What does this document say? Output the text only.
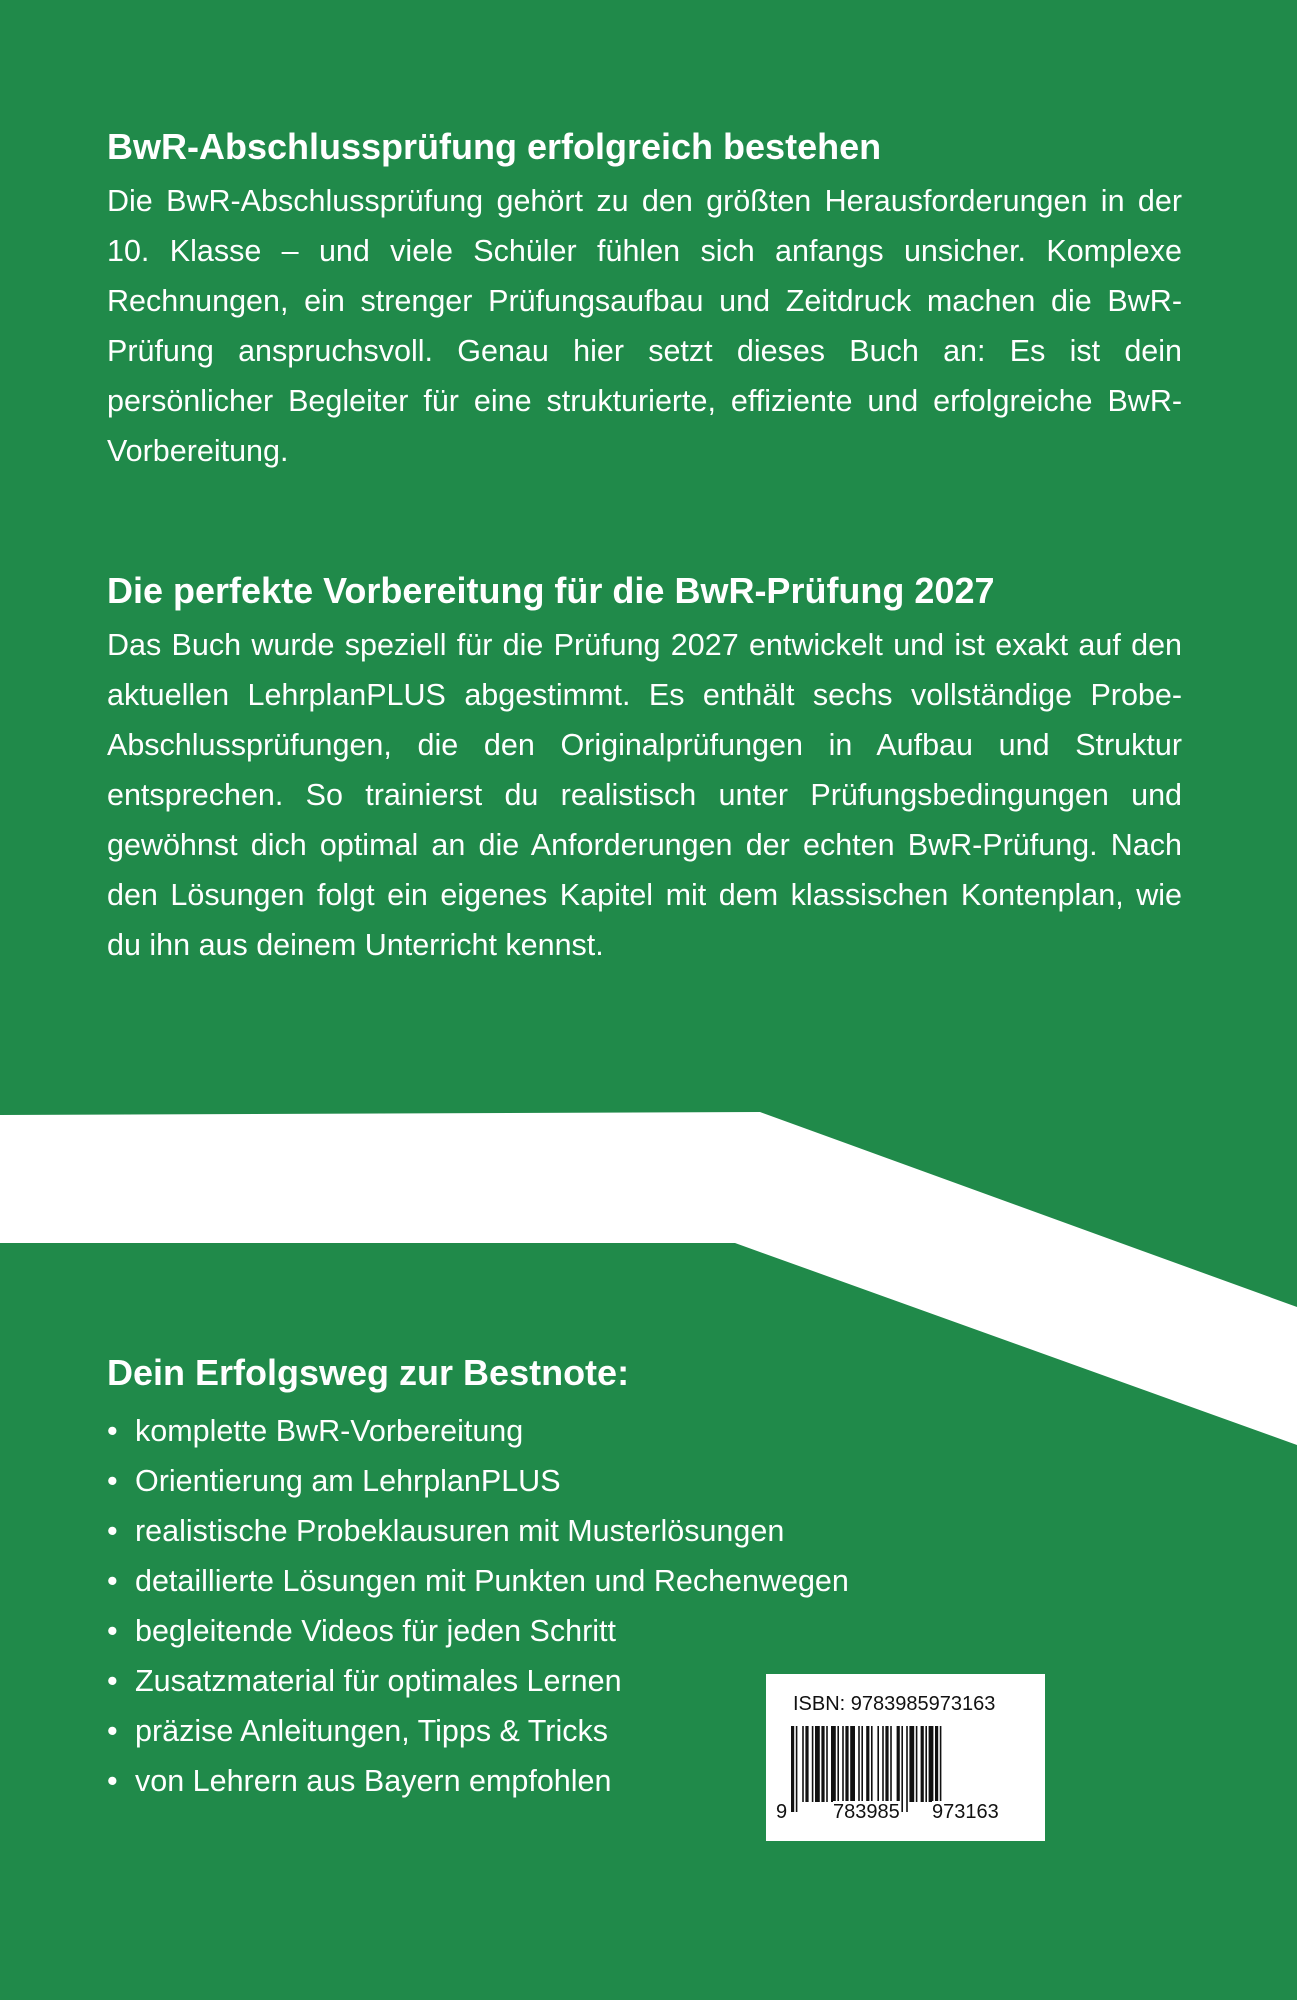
BwR-Abschlussprüfung erfolgreich bestehen

Die BwR-Abschlussprüfung gehört zu den größten Herausforderungen in der 10. Klasse – und viele Schüler fühlen sich anfangs unsicher. Komplexe Rechnungen, ein strenger Prüfungsaufbau und Zeitdruck machen die BwR-Prüfung anspruchsvoll. Genau hier setzt dieses Buch an: Es ist dein persönlicher Begleiter für eine strukturierte, effiziente und erfolgreiche BwR-Vorbereitung.

Die perfekte Vorbereitung für die BwR-Prüfung 2027

Das Buch wurde speziell für die Prüfung 2027 entwickelt und ist exakt auf den aktuellen LehrplanPLUS abgestimmt. Es enthält sechs vollständige Probe-Abschlussprüfungen, die den Originalprüfungen in Aufbau und Struktur entsprechen. So trainierst du realistisch unter Prüfungsbedingungen und gewöhnst dich optimal an die Anforderungen der echten BwR-Prüfung. Nach den Lösungen folgt ein eigenes Kapitel mit dem klassischen Kontenplan, wie du ihn aus deinem Unterricht kennst.

Dein Erfolgsweg zur Bestnote:
• komplette BwR-Vorbereitung
• Orientierung am LehrplanPLUS
• realistische Probeklausuren mit Musterlösungen
• detaillierte Lösungen mit Punkten und Rechenwegen
• begleitende Videos für jeden Schritt
• Zusatzmaterial für optimales Lernen
• präzise Anleitungen, Tipps & Tricks
• von Lehrern aus Bayern empfohlen
ISBN: 9783985973163
9 783985 973163
